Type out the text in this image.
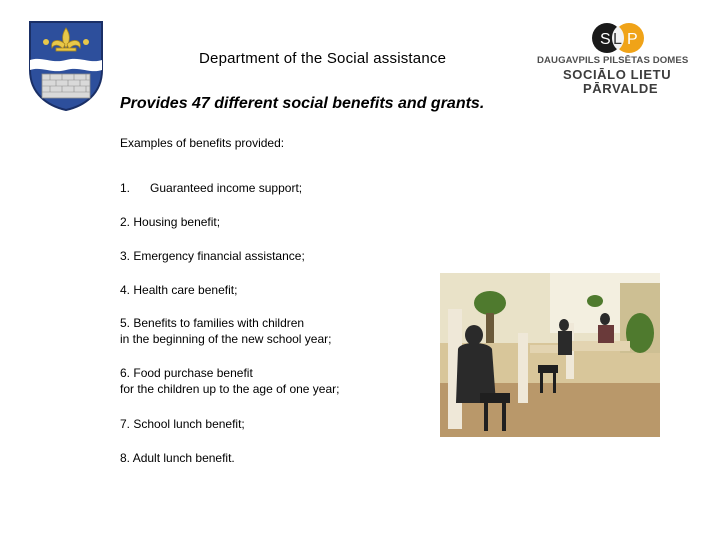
Department of the Social assistance
S L P
DAUGAVPILS PILSĒTAS DOMES
SOCIĀLO LIETU
PĀRVALDE
Provides 47 different social benefits and grants.
Examples of benefits provided:
1. Guaranteed income support;
2. Housing benefit;
3. Emergency financial assistance;
4. Health care benefit;
5. Benefits to families with children
in the beginning of the new school year;
6. Food purchase benefit
for the children up to the age of one year;
7. School lunch benefit;
8. Adult lunch benefit.
